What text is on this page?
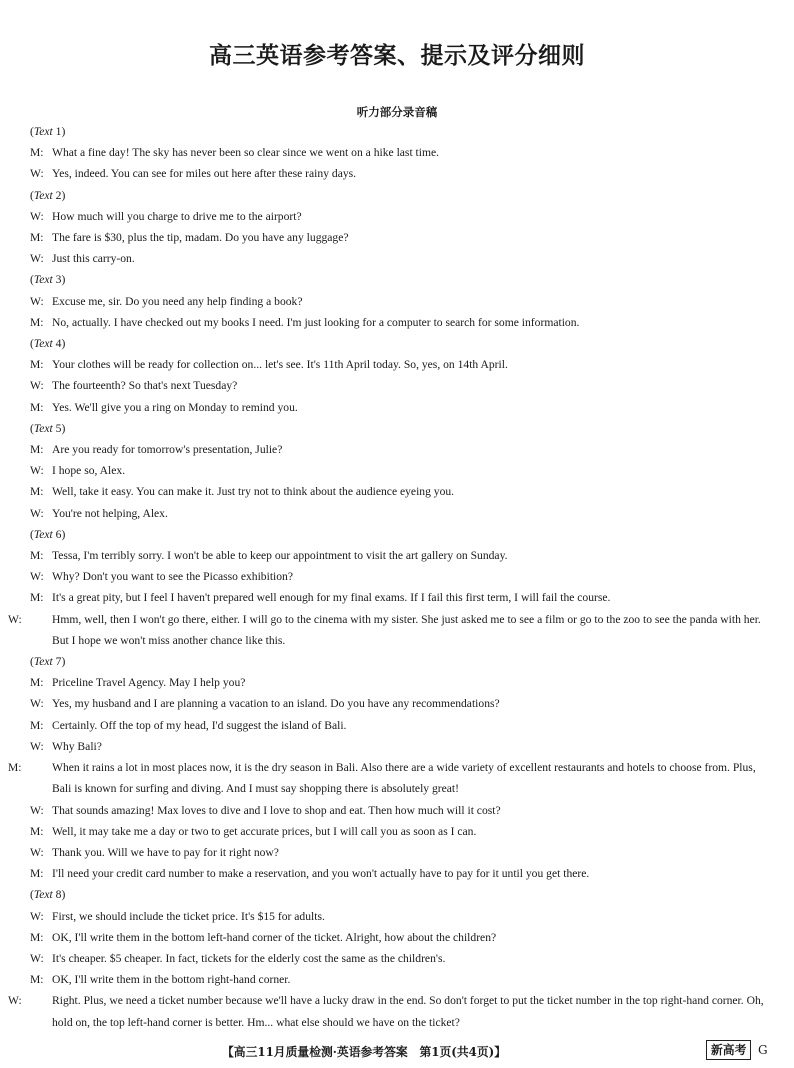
高三英语参考答案、提示及评分细则
听力部分录音稿
(Text 1)
M: What a fine day! The sky has never been so clear since we went on a hike last time.
W: Yes, indeed. You can see for miles out here after these rainy days.
(Text 2)
W: How much will you charge to drive me to the airport?
M: The fare is $30, plus the tip, madam. Do you have any luggage?
W: Just this carry-on.
(Text 3)
W: Excuse me, sir. Do you need any help finding a book?
M: No, actually. I have checked out my books I need. I'm just looking for a computer to search for some information.
(Text 4)
M: Your clothes will be ready for collection on... let's see. It's 11th April today. So, yes, on 14th April.
W: The fourteenth? So that's next Tuesday?
M: Yes. We'll give you a ring on Monday to remind you.
(Text 5)
M: Are you ready for tomorrow's presentation, Julie?
W: I hope so, Alex.
M: Well, take it easy. You can make it. Just try not to think about the audience eyeing you.
W: You're not helping, Alex.
(Text 6)
M: Tessa, I'm terribly sorry. I won't be able to keep our appointment to visit the art gallery on Sunday.
W: Why? Don't you want to see the Picasso exhibition?
M: It's a great pity, but I feel I haven't prepared well enough for my final exams. If I fail this first term, I will fail the course.
W:	Hmm, well, then I won't go there, either. I will go to the cinema with my sister. She just asked me to see a film or go to the zoo to see the panda with her. But I hope we won't miss another chance like this.
(Text 7)
M: Priceline Travel Agency. May I help you?
W: Yes, my husband and I are planning a vacation to an island. Do you have any recommendations?
M: Certainly. Off the top of my head, I'd suggest the island of Bali.
W: Why Bali?
M:	When it rains a lot in most places now, it is the dry season in Bali. Also there are a wide variety of excellent restaurants and hotels to choose from. Plus, Bali is known for surfing and diving. And I must say shopping there is absolutely great!
W: That sounds amazing! Max loves to dive and I love to shop and eat. Then how much will it cost?
M: Well, it may take me a day or two to get accurate prices, but I will call you as soon as I can.
W: Thank you. Will we have to pay for it right now?
M: I'll need your credit card number to make a reservation, and you won't actually have to pay for it until you get there.
(Text 8)
W: First, we should include the ticket price. It's $15 for adults.
M: OK, I'll write them in the bottom left-hand corner of the ticket. Alright, how about the children?
W: It's cheaper. $5 cheaper. In fact, tickets for the elderly cost the same as the children's.
M: OK, I'll write them in the bottom right-hand corner.
W:	Right. Plus, we need a ticket number because we'll have a lucky draw in the end. So don't forget to put the ticket number in the top right-hand corner. Oh, hold on, the top left-hand corner is better. Hm... what else should we have on the ticket?
【高三11月质量检测·英语参考答案　第1页(共4页)】	新高考 G
